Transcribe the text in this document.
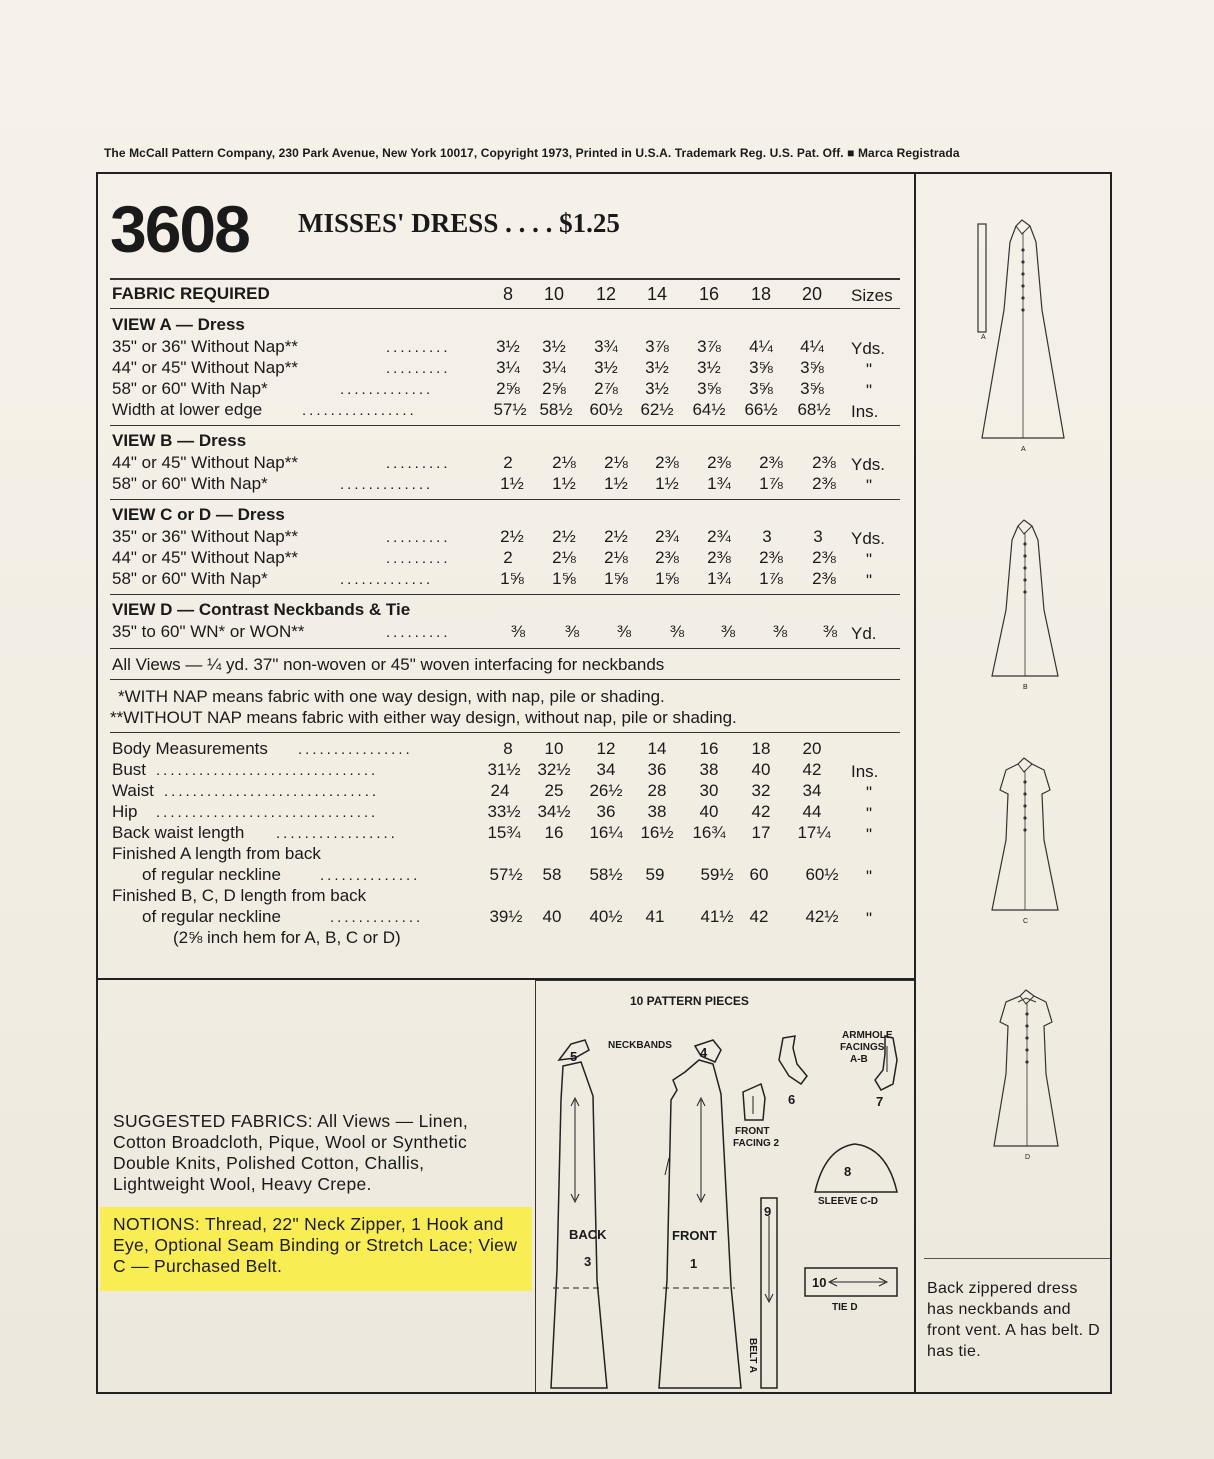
The McCall Pattern Company, 230 Park Avenue, New York 10017, Copyright 1973, Printed in U.S.A. Trademark Reg. U.S. Pat. Off. ■ Marca Registrada
3608 MISSES' DRESS . . . . $1.25
FABRIC REQUIRED	8	10	12	14	16	18	20	Sizes
VIEW A — Dress
35" or 36" Without Nap**	.........	3½	3½	3¾	3⅞	3⅞	4¼	4¼	Yds.
44" or 45" Without Nap**	.........	3¼	3¼	3½	3½	3½	3⅝	3⅝	"
58" or 60" With Nap*	.............	2⅝	2⅝	2⅞	3½	3⅝	3⅝	3⅝	"
Width at lower edge	................	57½ 58½ 60½	62½	64½	66½	68½	Ins.
VIEW B — Dress
44" or 45" Without Nap**	.........	2	2⅛	2⅛	2⅜	2⅜	2⅜	2⅜ Yds.
58" or 60" With Nap*	.............	1½	1½	1½	1½	1¾	1⅞	2⅜	"
VIEW C or D — Dress
35" or 36" Without Nap**	.........	2½	2½	2½	2¾	2¾	3	3	Yds.
44" or 45" Without Nap**	.........	2	2⅛	2⅛	2⅜	2⅜	2⅜	2⅜	"
58" or 60" With Nap*	.............	1⅝	1⅝	1⅝	1⅝	1¾	1⅞	2⅜	"
VIEW D — Contrast Neckbands & Tie
35" to 60" WN* or WON**	.........	⅜	⅜	⅜	⅜	⅜	⅜	⅜ Yd.
All Views — ¼ yd. 37" non-woven or 45" woven interfacing for neckbands
*WITH NAP means fabric with one way design, with nap, pile or shading.
**WITHOUT NAP means fabric with either way design, without nap, pile or shading.
Body Measurements ................	8	10	12	14	16	18	20
Bust ...............................	31½ 32½	34	36	38	40	42	Ins.
Waist ..............................	24	25	26½	28	30	32	34	"
Hip ...............................	33½ 34½	36	38	40	42	44	"
Back waist length .................	15¾	16	16¼	16½	16¾	17	17¼	"
Finished A length from back
of regular neckline	..............	57½	58	58½	59	59½ 60	60½	"
Finished B, C, D length from back
of regular neckline	.............	39½	40	40½	41	41½ 42	42½	"
(2⅝ inch hem for A, B, C or D)
SUGGESTED FABRICS: All Views — Linen, Cotton Broadcloth, Pique, Wool or Synthetic Double Knits, Polished Cotton, Challis, Lightweight Wool, Heavy Crepe.
NOTIONS: Thread, 22" Neck Zipper, 1 Hook and Eye, Optional Seam Binding or Stretch Lace; View C — Purchased Belt.
10 PATTERN PIECES
5
NECKBANDS 4
ARMHOLE
FACINGS
A-B
6	7
FRONT
FACING 2
8
SLEEVE C-D
9
BACK
3
FRONT
1
10
TIE D
BELT A
A
A
B
C
D
Back zippered dress has neckbands and front vent. A has belt. D has tie.
